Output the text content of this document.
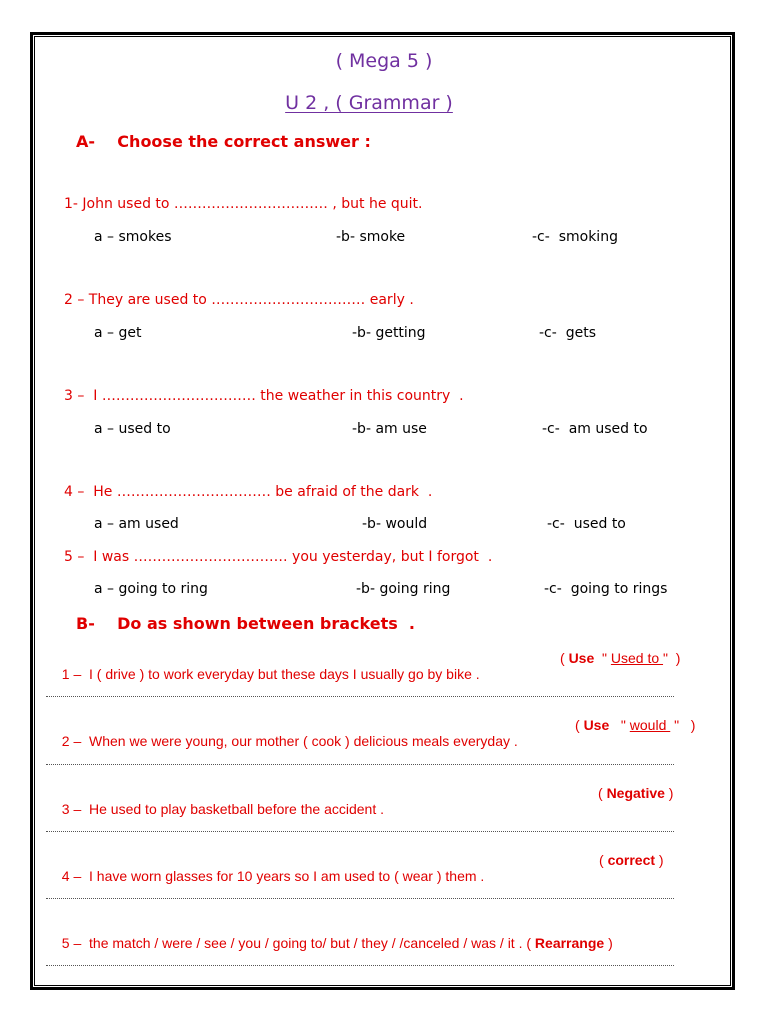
( Mega 5 )
U 2 , ( Grammar )
A-    Choose the correct answer :
1- John used to …………………………… , but he quit.
a – smokes	-b- smoke	-c-  smoking
2 – They are used to …………………………… early .
a – get	-b- getting	-c-  gets
3 –  I …………………………… the weather in this country  .
a – used to	-b- am use	-c-  am used to
4 –  He …………………………… be afraid of the dark  .
a – am used	-b- would	-c-  used to
5 –  I was …………………………… you yesterday, but I forgot  .
a – going to ring	-b- going ring	-c-  going to rings
B-    Do as shown between brackets  .

1 –  I ( drive ) to work everyday but these days I usually go by bike .

( Use  " Used to "  )

2 –  When we were young, our mother ( cook ) delicious meals everyday .

( Use   " would  "   )

3 –  He used to play basketball before the accident .

( Negative )

4 –  I have worn glasses for 10 years so I am used to ( wear ) them .

( correct )

5 –  the match / were / see / you / going to/ but / they / /canceled / was / it . ( Rearrange )
